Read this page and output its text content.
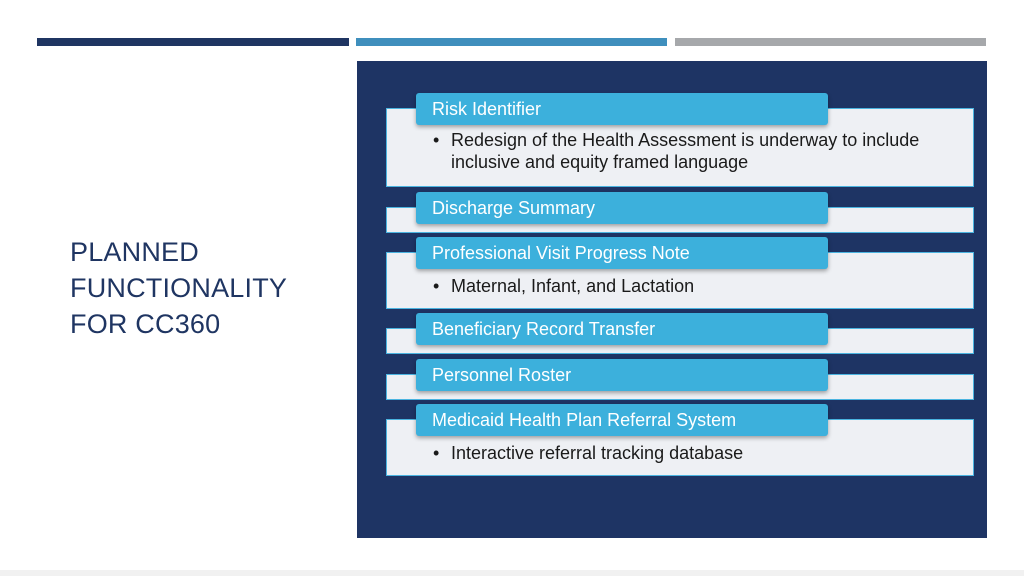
PLANNED FUNCTIONALITY FOR CC360
• Redesign of the Health Assessment is underway to include inclusive and equity framed language
Risk Identifier
Discharge Summary
• Maternal, Infant, and Lactation
Professional Visit Progress Note
Beneficiary Record Transfer
Personnel Roster
• Interactive referral tracking database
Medicaid Health Plan Referral System
